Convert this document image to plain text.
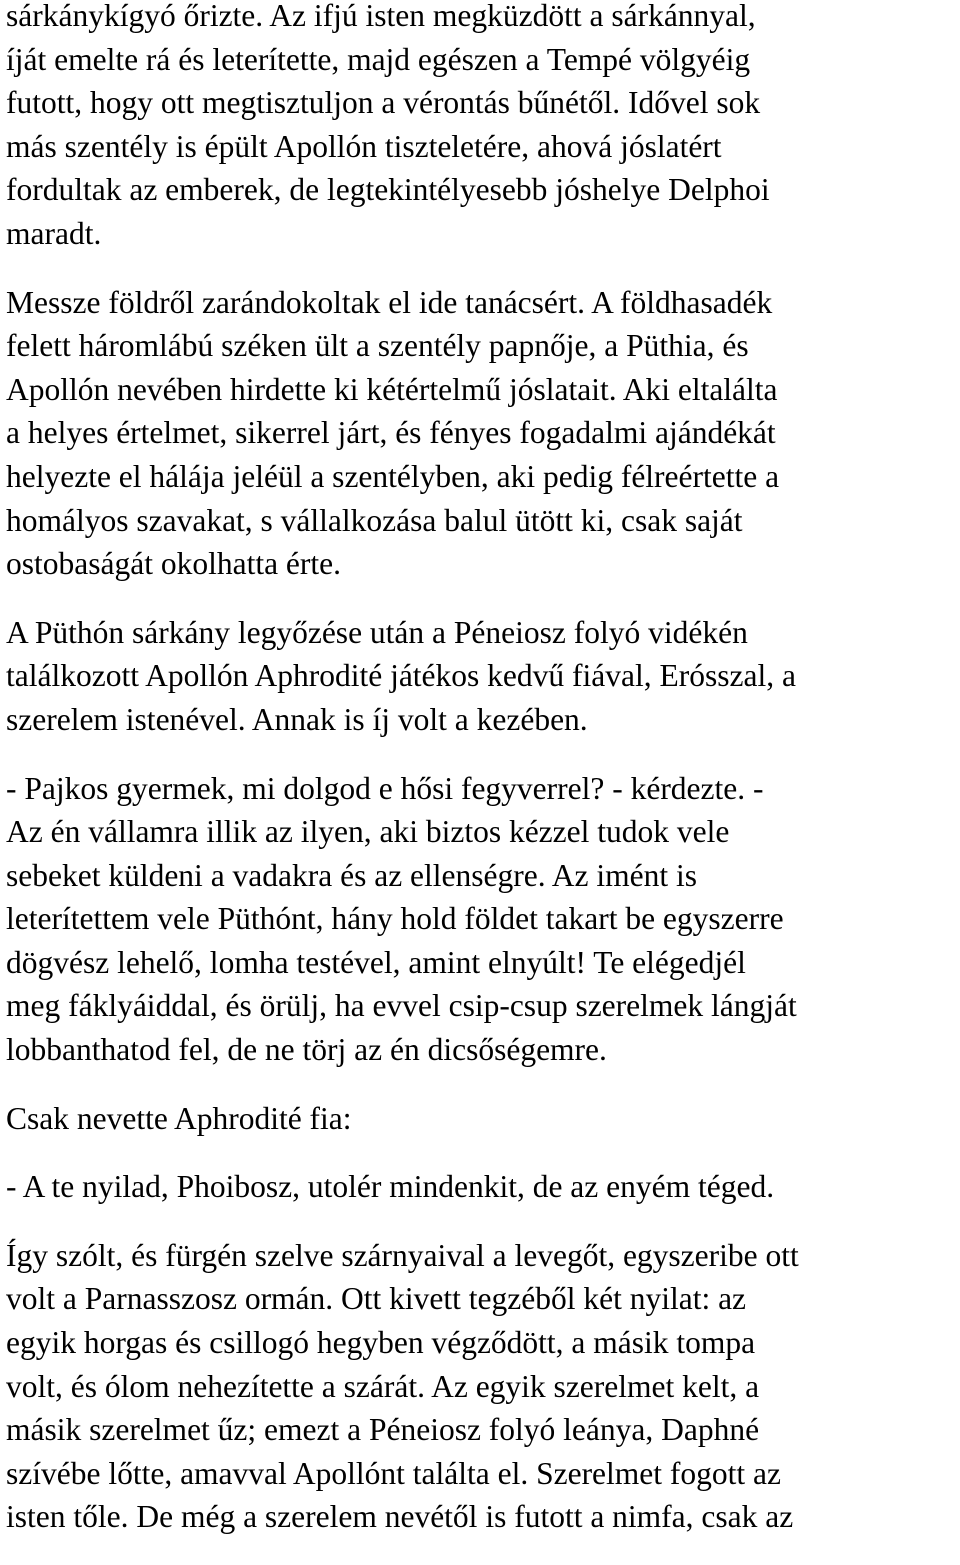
sárkánykígyó őrizte. Az ifjú isten megküzdött a sárkánnyal,
íját emelte rá és leterítette, majd egészen a Tempé völgyéig
futott, hogy ott megtisztuljon a vérontás bűnétől. Idővel sok
más szentély is épült Apollón tiszteletére, ahová jóslatért
fordultak az emberek, de legtekintélyesebb jóshelye Delphoi
maradt.

Messze földről zarándokoltak el ide tanácsért. A földhasadék
felett háromlábú széken ült a szentély papnője, a Püthia, és
Apollón nevében hirdette ki kétértelmű jóslatait. Aki eltalálta
a helyes értelmet, sikerrel járt, és fényes fogadalmi ajándékát
helyezte el hálája jeléül a szentélyben, aki pedig félreértette a
homályos szavakat, s vállalkozása balul ütött ki, csak saját
ostobaságát okolhatta érte.

A Püthón sárkány legyőzése után a Péneiosz folyó vidékén
találkozott Apollón Aphrodité játékos kedvű fiával, Erósszal, a
szerelem istenével. Annak is íj volt a kezében.

- Pajkos gyermek, mi dolgod e hősi fegyverrel? - kérdezte. -
Az én vállamra illik az ilyen, aki biztos kézzel tudok vele
sebeket küldeni a vadakra és az ellenségre. Az imént is
leterítettem vele Püthónt, hány hold földet takart be egyszerre
dögvész lehelő, lomha testével, amint elnyúlt! Te elégedjél
meg fáklyáiddal, és örülj, ha evvel csip-csup szerelmek lángját
lobbanthatod fel, de ne törj az én dicsőségemre.

Csak nevette Aphrodité fia:

- A te nyilad, Phoibosz, utolér mindenkit, de az enyém téged.

Így szólt, és fürgén szelve szárnyaival a levegőt, egyszeribe ott
volt a Parnasszosz ormán. Ott kivett tegzéből két nyilat: az
egyik horgas és csillogó hegyben végződött, a másik tompa
volt, és ólom nehezítette a szárát. Az egyik szerelmet kelt, a
másik szerelmet űz; emezt a Péneiosz folyó leánya, Daphné
szívébe lőtte, amavval Apollónt találta el. Szerelmet fogott az
isten tőle. De még a szerelem nevétől is futott a nimfa, csak az
